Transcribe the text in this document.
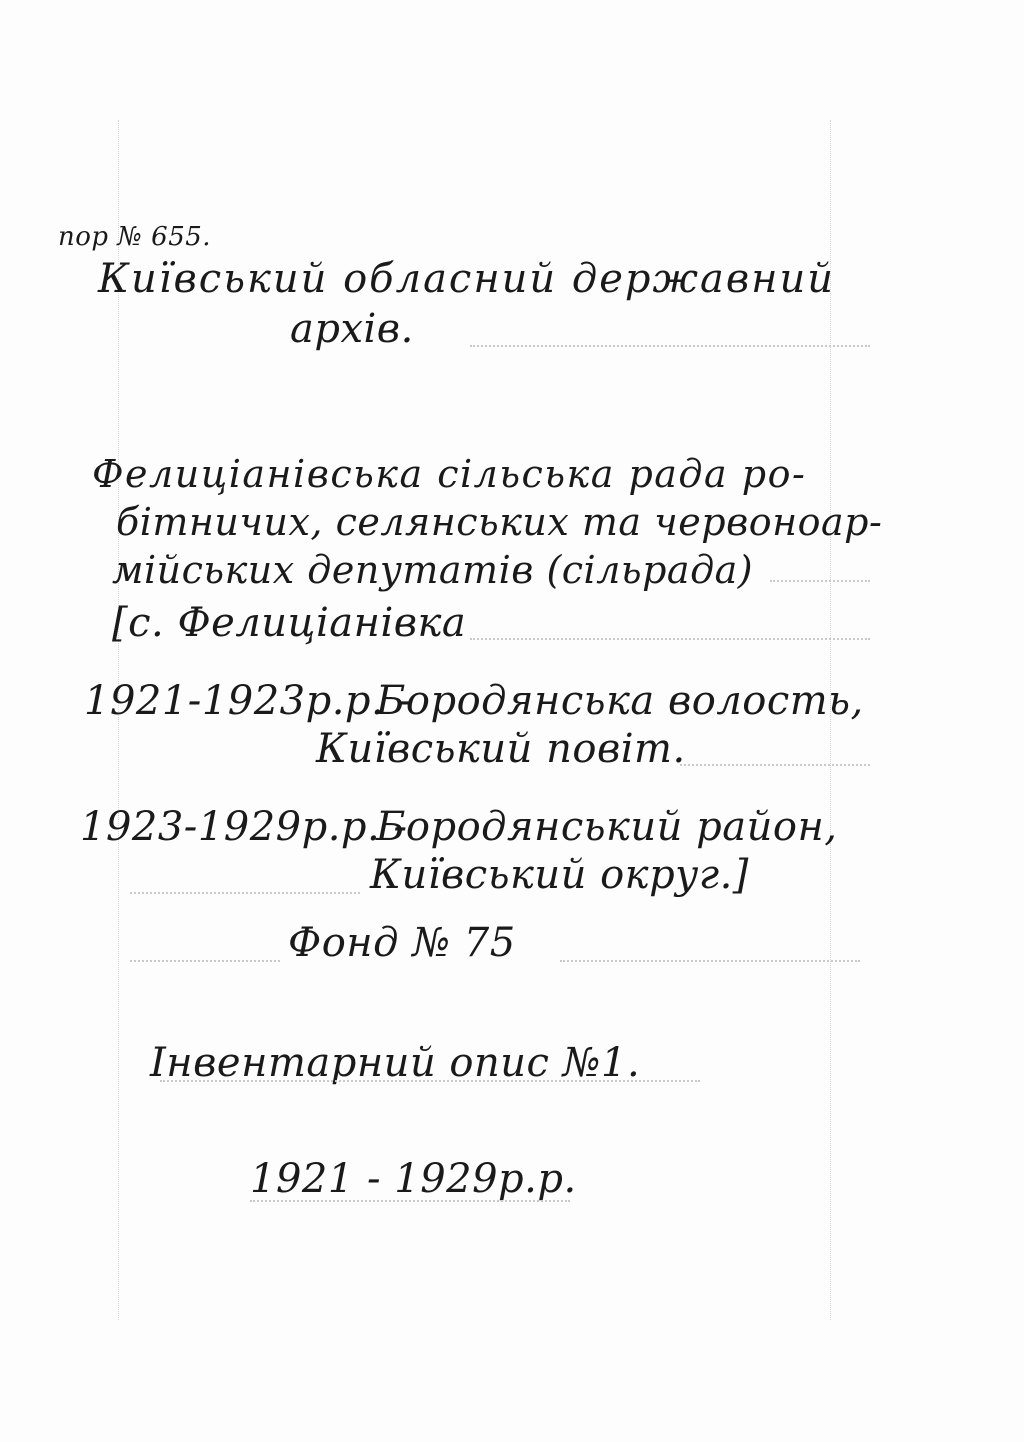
пор № 655.
Київський обласний державний
архів.
Фелиціанівська сільська рада ро-
бітничих, селянських та червоноар-
мійських депутатів (сільрада)
[с. Фелиціанівка
1921-1923р.р. -
Бородянська волость,
Київський повіт.
1923-1929р.р. -
Бородянський район,
Київський округ.]
Фонд № 75
Інвентарний опис №1.
1921 - 1929р.р.
